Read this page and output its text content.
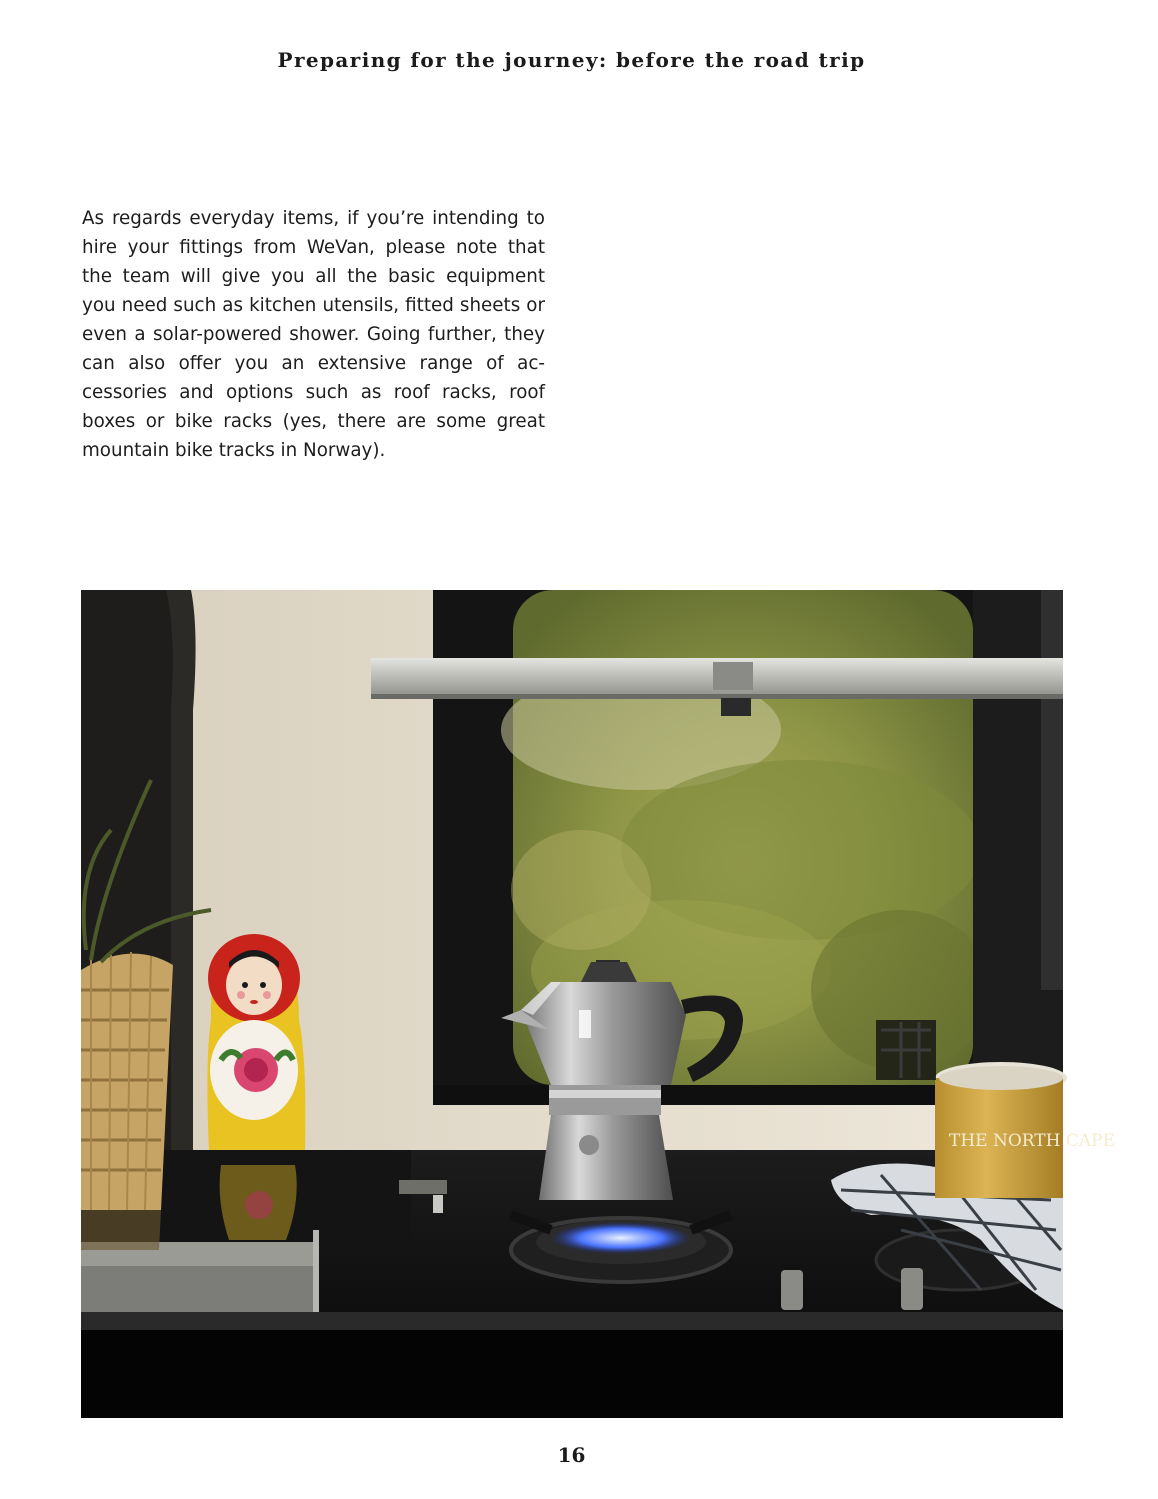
Preparing for the journey: before the road trip

As regards everyday items, if you’re intending to hire your fittings from WeVan, please note that the team will give you all the basic equipment you need such as kitchen utensils, fitted sheets or even a solar-powered shower. Going further, they can also offer you an extensive range of accessories and options such as roof racks, roof boxes or bike racks (yes, there are some great mountain bike tracks in Norway).

THE NORTH CAPE
16
